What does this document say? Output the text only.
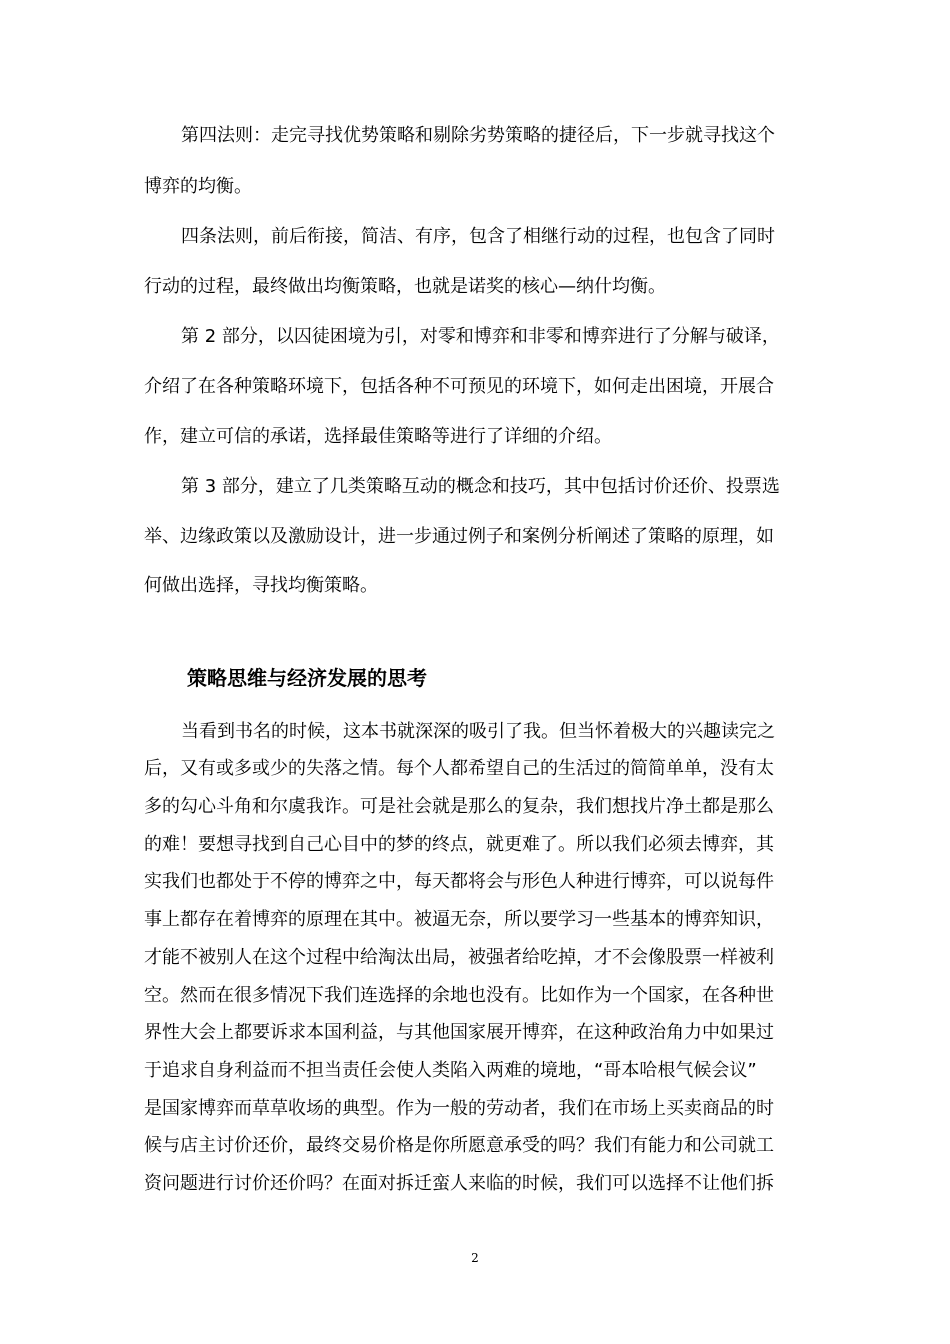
第四法则：走完寻找优势策略和剔除劣势策略的捷径后，下一步就寻找这个
博弈的均衡。
四条法则，前后衔接，简洁、有序，包含了相继行动的过程，也包含了同时
行动的过程，最终做出均衡策略，也就是诺奖的核心—纳什均衡。
第 2 部分，以囚徒困境为引，对零和博弈和非零和博弈进行了分解与破译，
介绍了在各种策略环境下，包括各种不可预见的环境下，如何走出困境，开展合
作，建立可信的承诺，选择最佳策略等进行了详细的介绍。
第 3 部分，建立了几类策略互动的概念和技巧，其中包括讨价还价、投票选
举、边缘政策以及激励设计，进一步通过例子和案例分析阐述了策略的原理，如
何做出选择，寻找均衡策略。
策略思维与经济发展的思考
当看到书名的时候，这本书就深深的吸引了我。但当怀着极大的兴趣读完之
后，又有或多或少的失落之情。每个人都希望自己的生活过的简简单单，没有太
多的勾心斗角和尔虞我诈。可是社会就是那么的复杂，我们想找片净土都是那么
的难！要想寻找到自己心目中的梦的终点，就更难了。所以我们必须去博弈，其
实我们也都处于不停的博弈之中，每天都将会与形色人种进行博弈，可以说每件
事上都存在着博弈的原理在其中。被逼无奈，所以要学习一些基本的博弈知识，
才能不被别人在这个过程中给淘汰出局，被强者给吃掉，才不会像股票一样被利
空。然而在很多情况下我们连选择的余地也没有。比如作为一个国家，在各种世
界性大会上都要诉求本国利益，与其他国家展开博弈，在这种政治角力中如果过
于追求自身利益而不担当责任会使人类陷入两难的境地，“哥本哈根气候会议”
是国家博弈而草草收场的典型。作为一般的劳动者，我们在市场上买卖商品的时
候与店主讨价还价，最终交易价格是你所愿意承受的吗？我们有能力和公司就工
资问题进行讨价还价吗？在面对拆迁蛮人来临的时候，我们可以选择不让他们拆
2
